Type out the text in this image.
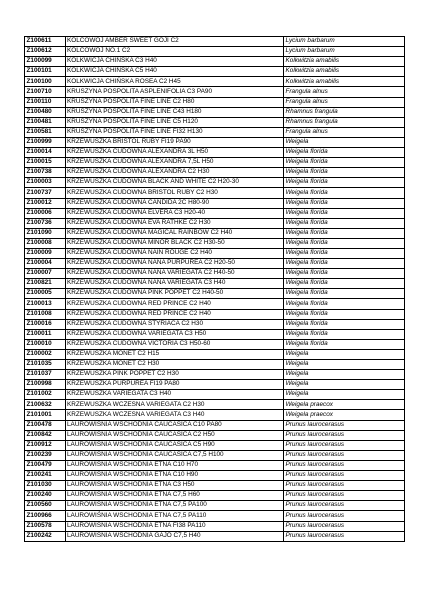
Z100611	KOLCOWÓJ AMBER SWEET GOJI C2	Lycium barbarum
Z100612	KOLCOWÓJ NO.1 C2	Lycium barbarum
Z100099	KOLKWICJA CHIŃSKA C3 H40	Kolkwitzia amabilis
Z100101	KOLKWICJA CHIŃSKA C5 H40	Kolkwitzia amabilis
Z100100	KOLKWICJA CHIŃSKA ROSEA C2 H45	Kolkwitzia amabilis
Z100710	KRUSZYNA POSPOLITA ASPLENIFOLIA C3 PA90	Frangula alnus
Z100110	KRUSZYNA POSPOLITA FINE LINE C2 H80	Frangula alnus
Z100480	KRUSZYNA POSPOLITA FINE LINE C43 H180	Rhamnus frangula
Z100481	KRUSZYNA POSPOLITA FINE LINE C5 H120	Rhamnus frangula
Z100581	KRUSZYNA POSPOLITA FINE LINE FI32 H130	Frangula alnus
Z100999	KRZEWUSZKA BRISTOL RUBY FI19 PA90	Weigela
Z100014	KRZEWUSZKA CUDOWNA ALEXANDRA 3L H50	Weigela florida
Z100015	KRZEWUSZKA CUDOWNA ALEXANDRA 7,5L H50	Weigela florida
Z100738	KRZEWUSZKA CUDOWNA ALEXANDRA C2 H30	Weigela florida
Z100003	KRZEWUSZKA CUDOWNA BLACK AND WHITE C2 H20-30	Weigela florida
Z100737	KRZEWUSZKA CUDOWNA BRISTOL RUBY C2 H30	Weigela florida
Z100012	KRZEWUSZKA CUDOWNA CANDIDA 2C H80-90	Weigela florida
Z100006	KRZEWUSZKA CUDOWNA ELVERA C3 H20-40	Weigela florida
Z100736	KRZEWUSZKA CUDOWNA EVA RATHKE C2 H30	Weigela florida
Z101090	KRZEWUSZKA CUDOWNA MAGICAL RAINBOW C2 H40	Weigela florida
Z100008	KRZEWUSZKA CUDOWNA MINOR BLACK C2 H30-50	Weigela florida
Z100009	KRZEWUSZKA CUDOWNA NAIN ROUGE C2 H40	Weigela florida
Z100004	KRZEWUSZKA CUDOWNA NANA PURPUREA C2 H20-50	Weigela florida
Z100007	KRZEWUSZKA CUDOWNA NANA VARIEGATA C2 H40-50	Weigela florida
Z100821	KRZEWUSZKA CUDOWNA NANA VARIEGATA C3 H40	Weigela florida
Z100005	KRZEWUSZKA CUDOWNA PINK POPPET C2 H40-50	Weigela florida
Z100013	KRZEWUSZKA CUDOWNA RED PRINCE C2 H40	Weigela florida
Z101008	KRZEWUSZKA CUDOWNA RED PRINCE C2 H40	Weigela florida
Z100016	KRZEWUSZKA CUDOWNA STYRIACA C2 H30	Weigela florida
Z100011	KRZEWUSZKA CUDOWNA VARIEGATA C3 H50	Weigela florida
Z100010	KRZEWUSZKA CUDOWNA VICTORIA C3 H50-60	Weigela florida
Z100002	KRZEWUSZKA MONET C2 H15	Weigela
Z101035	KRZEWUSZKA MONET C2 H30	Weigela
Z101037	KRZEWUSZKA PINK POPPET C2 H30	Weigela
Z100998	KRZEWUSZKA PURPUREA FI19 PA80	Weigela
Z101002	KRZEWUSZKA VARIEGATA C3 H40	Weigela
Z100632	KRZEWUSZKA WCZESNA VARIEGATA C2 H30	Weigela praecox
Z101001	KRZEWUSZKA WCZESNA VARIEGATA C3 H40	Weigela praecox
Z100478	LAUROWIŚNIA WSCHODNIA CAUCASICA C10 PA80	Prunus laurocerasus
Z100842	LAUROWIŚNIA WSCHODNIA CAUCASICA C2 H50	Prunus laurocerasus
Z100912	LAUROWIŚNIA WSCHODNIA CAUCASICA C5 H90	Prunus laurocerasus
Z100239	LAUROWIŚNIA WSCHODNIA CAUCASICA C7,5 H100	Prunus laurocerasus
Z100479	LAUROWIŚNIA WSCHODNIA ETNA C10 H70	Prunus laurocerasus
Z100241	LAUROWIŚNIA WSCHODNIA ETNA C10 H90	Prunus laurocerasus
Z101030	LAUROWIŚNIA WSCHODNIA ETNA C3 H50	Prunus laurocerasus
Z100240	LAUROWIŚNIA WSCHODNIA ETNA C7,5 H60	Prunus laurocerasus
Z100560	LAUROWIŚNIA WSCHODNIA ETNA C7,5 PA100	Prunus laurocerasus
Z100966	LAUROWIŚNIA WSCHODNIA ETNA C7,5 PA110	Prunus laurocerasus
Z100578	LAUROWIŚNIA WSCHODNIA ETNA FI38 PA110	Prunus laurocerasus
Z100242	LAUROWIŚNIA WSCHODNIA GAJO C7,5 H40	Prunus laurocerasus
